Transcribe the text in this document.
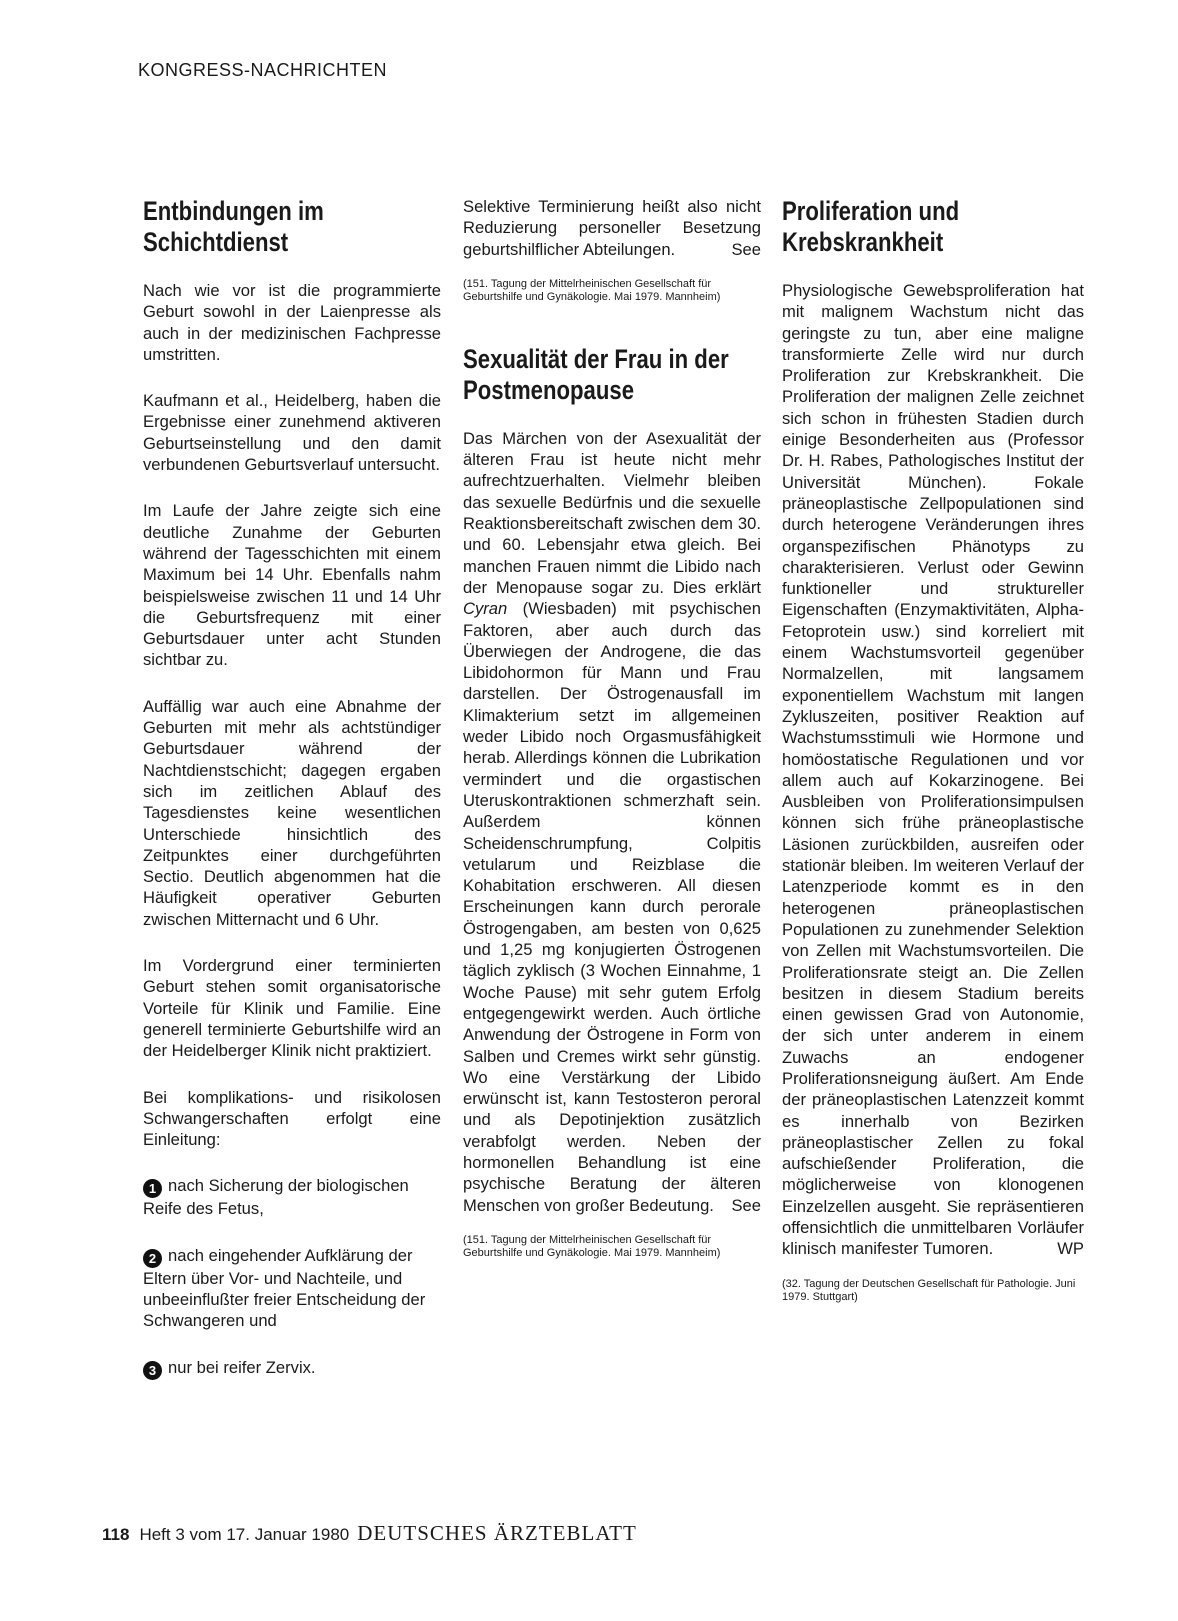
KONGRESS-NACHRICHTEN
Entbindungen im Schichtdienst

Nach wie vor ist die programmierte Geburt sowohl in der Laienpresse als auch in der medizinischen Fachpresse umstritten.

Kaufmann et al., Heidelberg, haben die Ergebnisse einer zunehmend aktiveren Geburtseinstellung und den damit verbundenen Geburtsverlauf untersucht.

Im Laufe der Jahre zeigte sich eine deutliche Zunahme der Geburten während der Tagesschichten mit einem Maximum bei 14 Uhr. Ebenfalls nahm beispielsweise zwischen 11 und 14 Uhr die Geburtsfrequenz mit einer Geburtsdauer unter acht Stunden sichtbar zu.

Auffällig war auch eine Abnahme der Geburten mit mehr als achtstündiger Geburtsdauer während der Nachtdienstschicht; dagegen ergaben sich im zeitlichen Ablauf des Tagesdienstes keine wesentlichen Unterschiede hinsichtlich des Zeitpunktes einer durchgeführten Sectio. Deutlich abgenommen hat die Häufigkeit operativer Geburten zwischen Mitternacht und 6 Uhr.

Im Vordergrund einer terminierten Geburt stehen somit organisatorische Vorteile für Klinik und Familie. Eine generell terminierte Geburtshilfe wird an der Heidelberger Klinik nicht praktiziert.

Bei komplikations- und risikolosen Schwangerschaften erfolgt eine Einleitung:

1 nach Sicherung der biologischen Reife des Fetus,
2 nach eingehender Aufklärung der Eltern über Vor- und Nachteile, und unbeeinflußter freier Entscheidung der Schwangeren und
3 nur bei reifer Zervix.

Selektive Terminierung heißt also nicht Reduzierung personeller Besetzung geburtshilflicher Abteilungen.	See

(151. Tagung der Mittelrheinischen Gesellschaft für Geburtshilfe und Gynäkologie. Mai 1979. Mannheim)
Sexualität der Frau in der Postmenopause

Das Märchen von der Asexualität der älteren Frau ist heute nicht mehr aufrechtzuerhalten. Vielmehr bleiben das sexuelle Bedürfnis und die sexuelle Reaktionsbereitschaft zwischen dem 30. und 60. Lebensjahr etwa gleich. Bei manchen Frauen nimmt die Libido nach der Menopause sogar zu. Dies erklärt Cyran (Wiesbaden) mit psychischen Faktoren, aber auch durch das Überwiegen der Androgene, die das Libidohormon für Mann und Frau darstellen. Der Östrogenausfall im Klimakterium setzt im allgemeinen weder Libido noch Orgasmusfähigkeit herab. Allerdings können die Lubrikation vermindert und die orgastischen Uteruskontraktionen schmerzhaft sein. Außerdem können Scheidenschrumpfung, Colpitis vetularum und Reizblase die Kohabitation erschweren. All diesen Erscheinungen kann durch perorale Östrogengaben, am besten von 0,625 und 1,25 mg konjugierten Östrogenen täglich zyklisch (3 Wochen Einnahme, 1 Woche Pause) mit sehr gutem Erfolg entgegengewirkt werden. Auch örtliche Anwendung der Östrogene in Form von Salben und Cremes wirkt sehr günstig. Wo eine Verstärkung der Libido erwünscht ist, kann Testosteron peroral und als Depotinjektion zusätzlich verabfolgt werden. Neben der hormonellen Behandlung ist eine psychische Beratung der älteren Menschen von großer Bedeutung. See

(151. Tagung der Mittelrheinischen Gesellschaft für Geburtshilfe und Gynäkologie. Mai 1979. Mannheim)
Proliferation und Krebskrankheit

Physiologische Gewebsproliferation hat mit malignem Wachstum nicht das geringste zu tun, aber eine maligne transformierte Zelle wird nur durch Proliferation zur Krebskrankheit. Die Proliferation der malignen Zelle zeichnet sich schon in frühesten Stadien durch einige Besonderheiten aus (Professor Dr. H. Rabes, Pathologisches Institut der Universität München). Fokale präneoplastische Zellpopulationen sind durch heterogene Veränderungen ihres organspezifischen Phänotyps zu charakterisieren. Verlust oder Gewinn funktioneller und struktureller Eigenschaften (Enzymaktivitäten, Alpha-Fetoprotein usw.) sind korreliert mit einem Wachstumsvorteil gegenüber Normalzellen, mit langsamem exponentiellem Wachstum mit langen Zykluszeiten, positiver Reaktion auf Wachstumsstimuli wie Hormone und homöostatische Regulationen und vor allem auch auf Kokarzinogene. Bei Ausbleiben von Proliferationsimpulsen können sich frühe präneoplastische Läsionen zurückbilden, ausreifen oder stationär bleiben. Im weiteren Verlauf der Latenzperiode kommt es in den heterogenen präneoplastischen Populationen zu zunehmender Selektion von Zellen mit Wachstumsvorteilen. Die Proliferationsrate steigt an. Die Zellen besitzen in diesem Stadium bereits einen gewissen Grad von Autonomie, der sich unter anderem in einem Zuwachs an endogener Proliferationsneigung äußert. Am Ende der präneoplastischen Latenzzeit kommt es innerhalb von Bezirken präneoplastischer Zellen zu fokal aufschießender Proliferation, die möglicherweise von klonogenen Einzelzellen ausgeht. Sie repräsentieren offensichtlich die unmittelbaren Vorläufer klinisch manifester Tumoren.	WP

(32. Tagung der Deutschen Gesellschaft für Pathologie. Juni 1979. Stuttgart)
118 Heft 3 vom 17. Januar 1980 DEUTSCHES ÄRZTEBLATT
